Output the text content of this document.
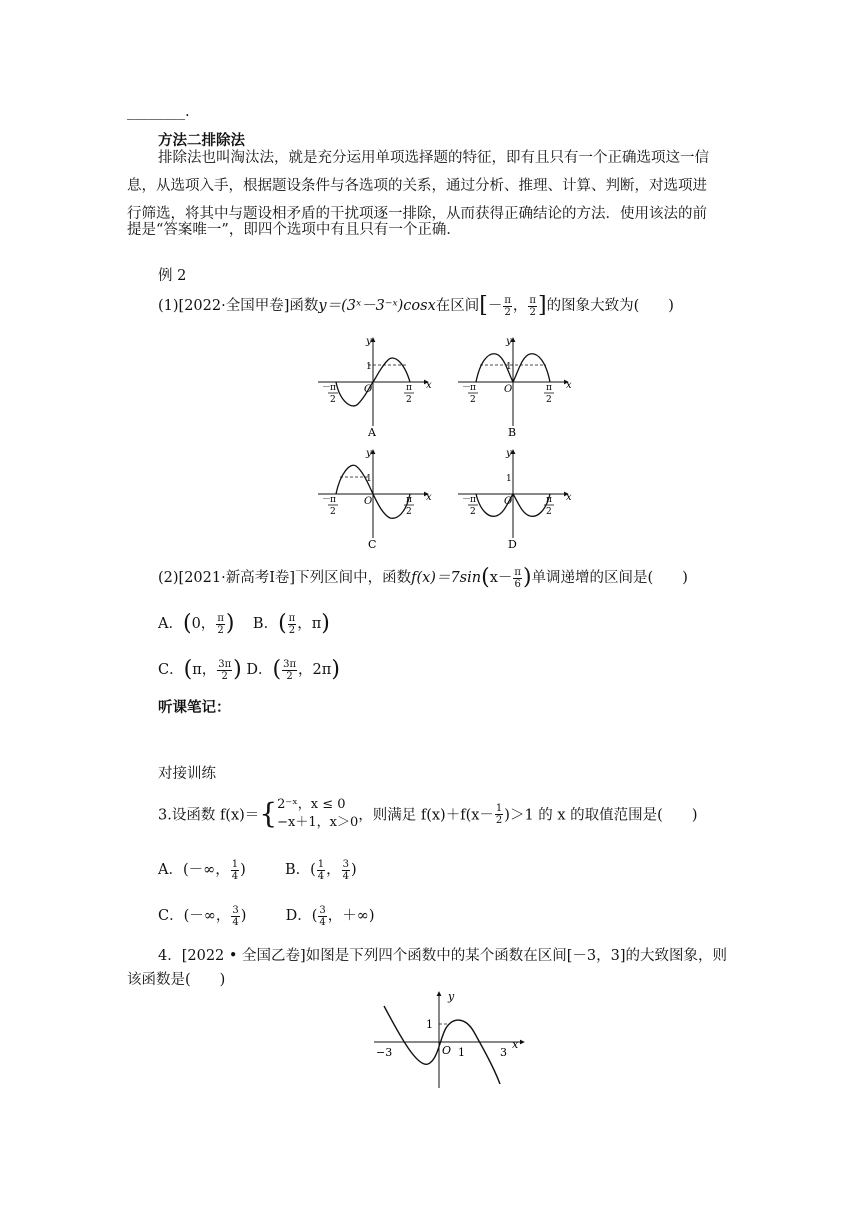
________.
方法二排除法
排除法也叫淘汰法，就是充分运用单项选择题的特征，即有且只有一个正确选项这一信
息，从选项入手，根据题设条件与各选项的关系，通过分析、推理、计算、判断，对选项进
行筛选，将其中与题设相矛盾的干扰项逐一排除，从而获得正确结论的方法．使用该法的前
提是“答案唯一”，即四个选项中有且只有一个正确．
例 2
(1)[2022·全国甲卷]函数y＝(3ˣ－3⁻ˣ)cosx在区间[－ $\frac{\pi}{2}$ ， $\frac{\pi}{2}$ ]的图象大致为(　　)
y
x
O
1
－
π
2
π
2
A
y
x
O
1
－
π
2
π
2
B
y
x
O
1
－
π
2
π
2
C
y
x
O
1
－
π
2
π
2
D
(2)[2021·新高考Ⅰ卷]下列区间中，函数$f(x)=7\sin(x- \frac{\pi}{6}$ )单调递增的区间是(　　)
A．(0， $\frac{\pi}{2}$ ) B．( $\frac{\pi}{2}$ ，π)
C．(π， $\frac{3\pi}{2}$ ) D．( $\frac{3\pi}{2}$ ，2π)
听课笔记：
对接训练
3.设函数 f(x)＝{ 2⁻ˣ，x ≤ 0
−x＋1，x＞0 ，则满足 $f(x)+f(x- \frac{1}{2} )>1$ 的 x 的取值范围是(　　)
A．(－∞， $\frac{1}{4}$ )	B．( $\frac{1}{4}$ ， $\frac{3}{4}$ )
C．(－∞， $\frac{3}{4}$ )	D．( $\frac{3}{4}$ ，＋∞)
4．[2022 • 全国乙卷]如图是下列四个函数中的某个函数在区间[－3，3]的大致图象，则
该函数是(　　)
y
x
1
O 1
−3	3
